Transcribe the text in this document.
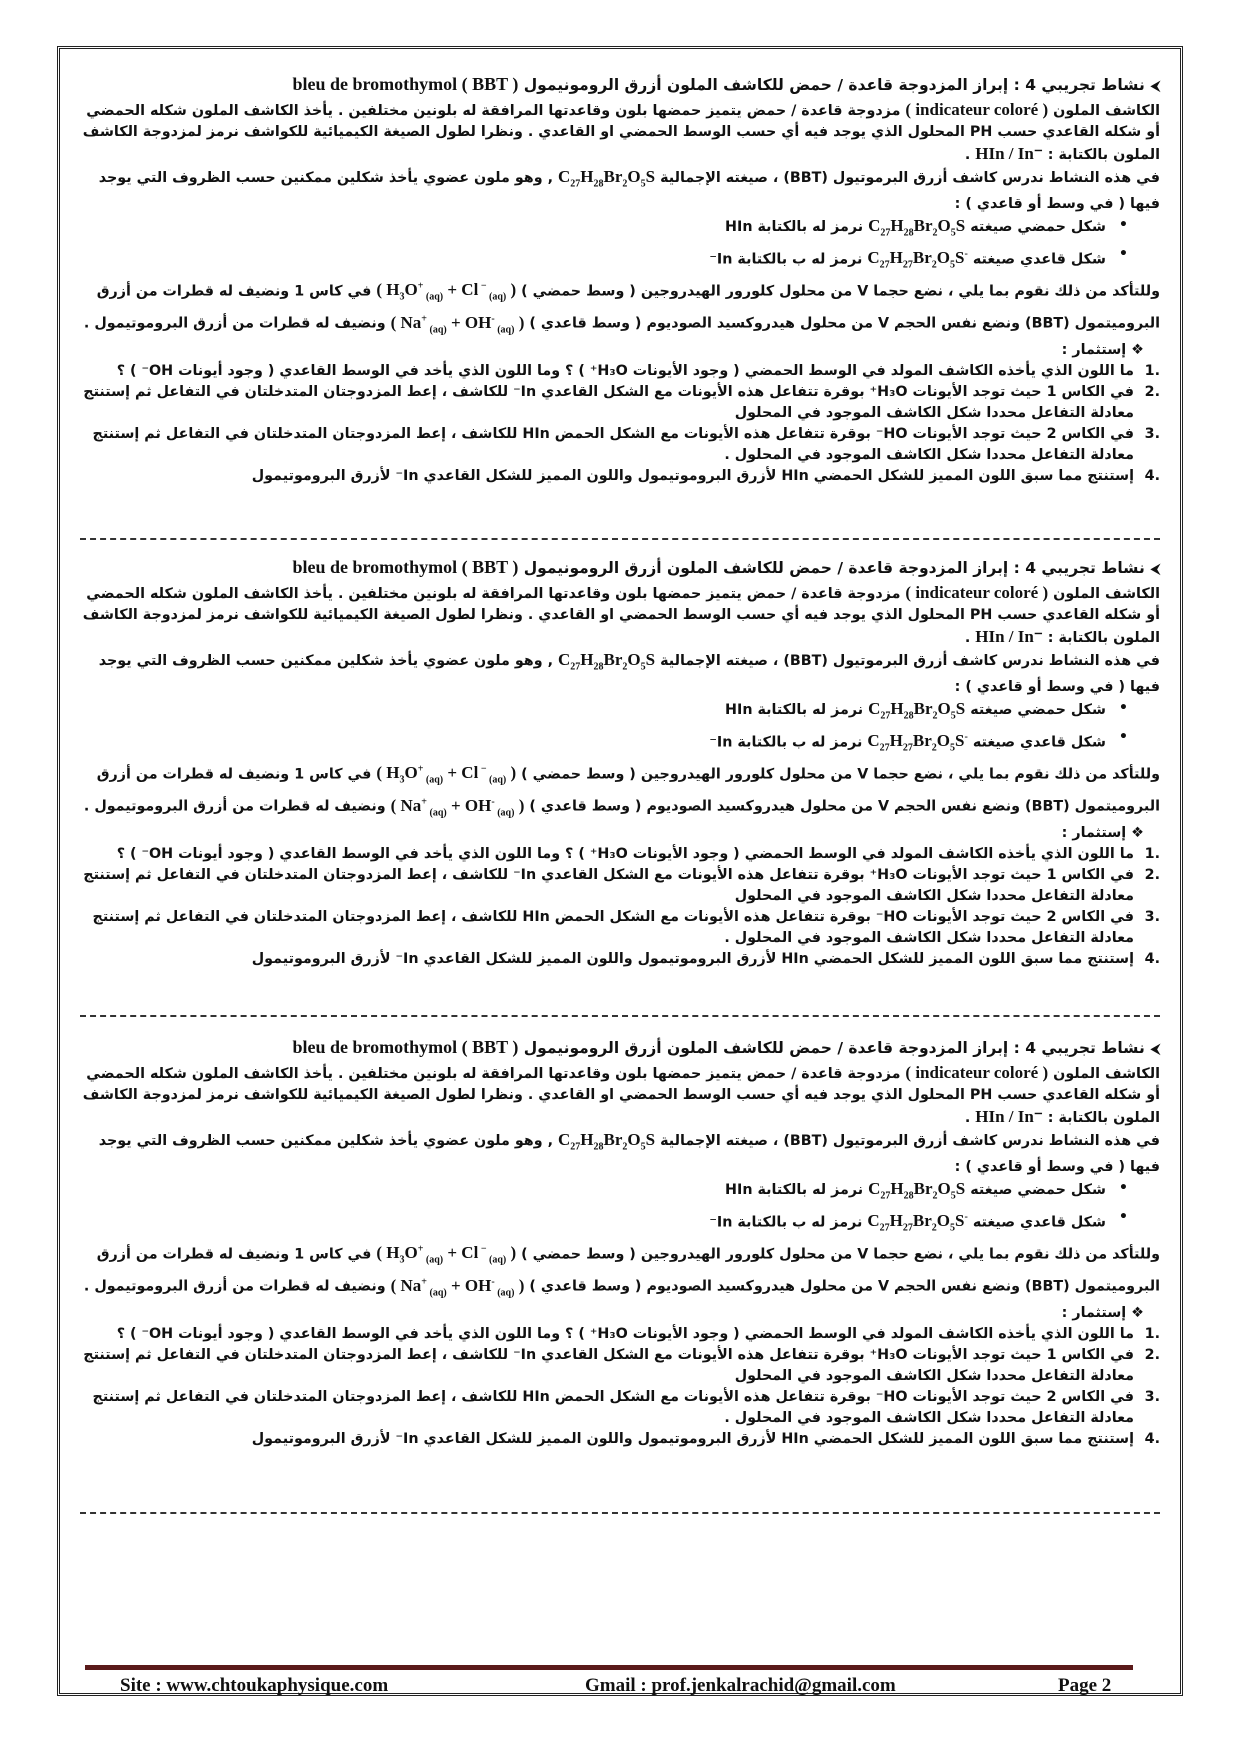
⮜نشاط تجريبي 4 : إبراز المزدوجة قاعدة / حمض للكاشف الملون أزرق الرومونيمول bleu de bromothymol ( BBT )

الكاشف الملون ( indicateur coloré ) مزدوجة قاعدة / حمض يتميز حمضها بلون وقاعدتها المرافقة له بلونين مختلفين . يأخذ الكاشف الملون شكله الحمضي أو شكله القاعدي حسب PH المحلول الذي يوجد فيه أي حسب الوسط الحمضي او القاعدي . ونظرا لطول الصيغة الكيميائية للكواشف نرمز لمزدوجة الكاشف الملون بالكتابة : HIn / In⁻ .

في هذه النشاط ندرس كاشف أزرق البرموتيول (BBT) ، صيغته الإجمالية $C_{27}H_{28}Br_2O_5S$ , وهو ملون عضوي يأخذ شكلين ممكنين حسب الظروف التي يوجد فيها ( في وسط أو قاعدي ) :

• شكل حمضي صيغته $C_{27}H_{28}Br_2O_5S$ نرمز له بالكتابة HIn
• شكل قاعدي صيغته $C_{27}H_{27}Br_2O_5S^-$ نرمز له ب بالكتابة In⁻

وللتأكد من ذلك نقوم بما يلي ، نضع حجما V من محلول كلورور الهيدروجين ( وسط حمضي ) ( $H_3O^+$ $_{(aq)}$ + Cl − $_{(aq)}$ ) في كاس 1 ونضيف له قطرات من أزرق البروميتمول (BBT) ونضع نفس الحجم V من محلول هيدروكسيد الصوديوم ( وسط قاعدي ) ( Na+ $_{(aq)}$ + OH- $_{(aq)}$ ) ونضيف له قطرات من أزرق البروموتيمول .

❖ إستثمار :

.1
ما اللون الذي يأخذه الكاشف المولد في الوسط الحمضي ( وجود الأيونات H₃O⁺ ) ؟ وما اللون الذي يأخد في الوسط القاعدي ( وجود أيونات OH⁻ ) ؟
.2
في الكاس 1 حيث توجد الأيونات H₃O⁺ بوقرة تتفاعل هذه الأيونات مع الشكل القاعدي In⁻ للكاشف ، إعط المزدوجتان المتدخلتان في التفاعل ثم إستنتج معادلة التفاعل محددا شكل الكاشف الموجود في المحلول
.3
في الكاس 2 حيث توجد الأيونات HO⁻ بوقرة تتفاعل هذه الأيونات مع الشكل الحمض HIn للكاشف ، إعط المزدوجتان المتدخلتان في التفاعل ثم إستنتج معادلة التفاعل محددا شكل الكاشف الموجود في المحلول .
.4
إستنتج مما سبق اللون المميز للشكل الحمضي HIn لأزرق البروموتيمول واللون المميز للشكل القاعدي In⁻ لأزرق البروموتيمول

⮜نشاط تجريبي 4 : إبراز المزدوجة قاعدة / حمض للكاشف الملون أزرق الرومونيمول bleu de bromothymol ( BBT )

الكاشف الملون ( indicateur coloré ) مزدوجة قاعدة / حمض يتميز حمضها بلون وقاعدتها المرافقة له بلونين مختلفين . يأخذ الكاشف الملون شكله الحمضي أو شكله القاعدي حسب PH المحلول الذي يوجد فيه أي حسب الوسط الحمضي او القاعدي . ونظرا لطول الصيغة الكيميائية للكواشف نرمز لمزدوجة الكاشف الملون بالكتابة : HIn / In⁻ .

في هذه النشاط ندرس كاشف أزرق البرموتيول (BBT) ، صيغته الإجمالية $C_{27}H_{28}Br_2O_5S$ , وهو ملون عضوي يأخذ شكلين ممكنين حسب الظروف التي يوجد فيها ( في وسط أو قاعدي ) :

• شكل حمضي صيغته $C_{27}H_{28}Br_2O_5S$ نرمز له بالكتابة HIn
• شكل قاعدي صيغته $C_{27}H_{27}Br_2O_5S^-$ نرمز له ب بالكتابة In⁻

وللتأكد من ذلك نقوم بما يلي ، نضع حجما V من محلول كلورور الهيدروجين ( وسط حمضي ) ( $H_3O^+$ $_{(aq)}$ + Cl − $_{(aq)}$ ) في كاس 1 ونضيف له قطرات من أزرق البروميتمول (BBT) ونضع نفس الحجم V من محلول هيدروكسيد الصوديوم ( وسط قاعدي ) ( Na+ $_{(aq)}$ + OH- $_{(aq)}$ ) ونضيف له قطرات من أزرق البروموتيمول .

❖ إستثمار :

.1
ما اللون الذي يأخذه الكاشف المولد في الوسط الحمضي ( وجود الأيونات H₃O⁺ ) ؟ وما اللون الذي يأخد في الوسط القاعدي ( وجود أيونات OH⁻ ) ؟
.2
في الكاس 1 حيث توجد الأيونات H₃O⁺ بوقرة تتفاعل هذه الأيونات مع الشكل القاعدي In⁻ للكاشف ، إعط المزدوجتان المتدخلتان في التفاعل ثم إستنتج معادلة التفاعل محددا شكل الكاشف الموجود في المحلول
.3
في الكاس 2 حيث توجد الأيونات HO⁻ بوقرة تتفاعل هذه الأيونات مع الشكل الحمض HIn للكاشف ، إعط المزدوجتان المتدخلتان في التفاعل ثم إستنتج معادلة التفاعل محددا شكل الكاشف الموجود في المحلول .
.4
إستنتج مما سبق اللون المميز للشكل الحمضي HIn لأزرق البروموتيمول واللون المميز للشكل القاعدي In⁻ لأزرق البروموتيمول

⮜نشاط تجريبي 4 : إبراز المزدوجة قاعدة / حمض للكاشف الملون أزرق الرومونيمول bleu de bromothymol ( BBT )

الكاشف الملون ( indicateur coloré ) مزدوجة قاعدة / حمض يتميز حمضها بلون وقاعدتها المرافقة له بلونين مختلفين . يأخذ الكاشف الملون شكله الحمضي أو شكله القاعدي حسب PH المحلول الذي يوجد فيه أي حسب الوسط الحمضي او القاعدي . ونظرا لطول الصيغة الكيميائية للكواشف نرمز لمزدوجة الكاشف الملون بالكتابة : HIn / In⁻ .

في هذه النشاط ندرس كاشف أزرق البرموتيول (BBT) ، صيغته الإجمالية $C_{27}H_{28}Br_2O_5S$ , وهو ملون عضوي يأخذ شكلين ممكنين حسب الظروف التي يوجد فيها ( في وسط أو قاعدي ) :

• شكل حمضي صيغته $C_{27}H_{28}Br_2O_5S$ نرمز له بالكتابة HIn
• شكل قاعدي صيغته $C_{27}H_{27}Br_2O_5S^-$ نرمز له ب بالكتابة In⁻

وللتأكد من ذلك نقوم بما يلي ، نضع حجما V من محلول كلورور الهيدروجين ( وسط حمضي ) ( $H_3O^+$ $_{(aq)}$ + Cl − $_{(aq)}$ ) في كاس 1 ونضيف له قطرات من أزرق البروميتمول (BBT) ونضع نفس الحجم V من محلول هيدروكسيد الصوديوم ( وسط قاعدي ) ( Na+ $_{(aq)}$ + OH- $_{(aq)}$ ) ونضيف له قطرات من أزرق البروموتيمول .

❖ إستثمار :

.1
ما اللون الذي يأخذه الكاشف المولد في الوسط الحمضي ( وجود الأيونات H₃O⁺ ) ؟ وما اللون الذي يأخد في الوسط القاعدي ( وجود أيونات OH⁻ ) ؟
.2
في الكاس 1 حيث توجد الأيونات H₃O⁺ بوقرة تتفاعل هذه الأيونات مع الشكل القاعدي In⁻ للكاشف ، إعط المزدوجتان المتدخلتان في التفاعل ثم إستنتج معادلة التفاعل محددا شكل الكاشف الموجود في المحلول
.3
في الكاس 2 حيث توجد الأيونات HO⁻ بوقرة تتفاعل هذه الأيونات مع الشكل الحمض HIn للكاشف ، إعط المزدوجتان المتدخلتان في التفاعل ثم إستنتج معادلة التفاعل محددا شكل الكاشف الموجود في المحلول .
.4
إستنتج مما سبق اللون المميز للشكل الحمضي HIn لأزرق البروموتيمول واللون المميز للشكل القاعدي In⁻ لأزرق البروموتيمول
Site : www.chtoukaphysique.com	Gmail : prof.jenkalrachid@gmail.com	Page 2
